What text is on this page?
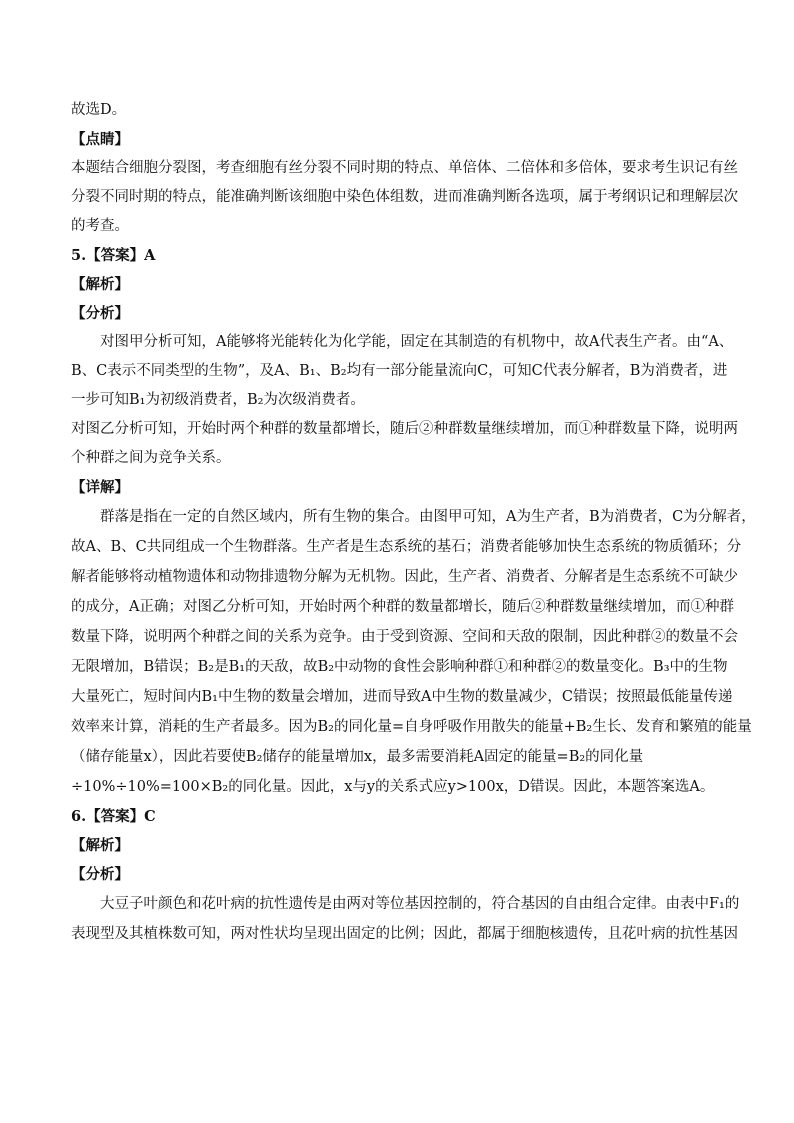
故选D。
【点睛】
本题结合细胞分裂图，考查细胞有丝分裂不同时期的特点、单倍体、二倍体和多倍体，要求考生识记有丝
分裂不同时期的特点，能准确判断该细胞中染色体组数，进而准确判断各选项，属于考纲识记和理解层次
的考查。
5.【答案】A
【解析】
【分析】
对图甲分析可知，A能够将光能转化为化学能，固定在其制造的有机物中，故A代表生产者。由“A、
B、C表示不同类型的生物”，及A、B₁、B₂均有一部分能量流向C，可知C代表分解者，B为消费者，进
一步可知B₁为初级消费者，B₂为次级消费者。
对图乙分析可知，开始时两个种群的数量都增长，随后②种群数量继续增加，而①种群数量下降，说明两
个种群之间为竞争关系。
【详解】
群落是指在一定的自然区域内，所有生物的集合。由图甲可知，A为生产者，B为消费者，C为分解者，
故A、B、C共同组成一个生物群落。生产者是生态系统的基石；消费者能够加快生态系统的物质循环；分
解者能够将动植物遗体和动物排遗物分解为无机物。因此，生产者、消费者、分解者是生态系统不可缺少
的成分，A正确；对图乙分析可知，开始时两个种群的数量都增长，随后②种群数量继续增加，而①种群
数量下降，说明两个种群之间的关系为竞争。由于受到资源、空间和天敌的限制，因此种群②的数量不会
无限增加，B错误；B₂是B₁的天敌，故B₂中动物的食性会影响种群①和种群②的数量变化。B₃中的生物
大量死亡，短时间内B₁中生物的数量会增加，进而导致A中生物的数量减少，C错误；按照最低能量传递
效率来计算，消耗的生产者最多。因为B₂的同化量=自身呼吸作用散失的能量+B₂生长、发育和繁殖的能量
（储存能量x），因此若要使B₂储存的能量增加x，最多需要消耗A固定的能量=B₂的同化量
÷10%÷10%=100×B₂的同化量。因此，x与y的关系式应y>100x，D错误。因此，本题答案选A。
6.【答案】C
【解析】
【分析】
大豆子叶颜色和花叶病的抗性遗传是由两对等位基因控制的，符合基因的自由组合定律。由表中F₁的
表现型及其植株数可知，两对性状均呈现出固定的比例；因此，都属于细胞核遗传，且花叶病的抗性基因
